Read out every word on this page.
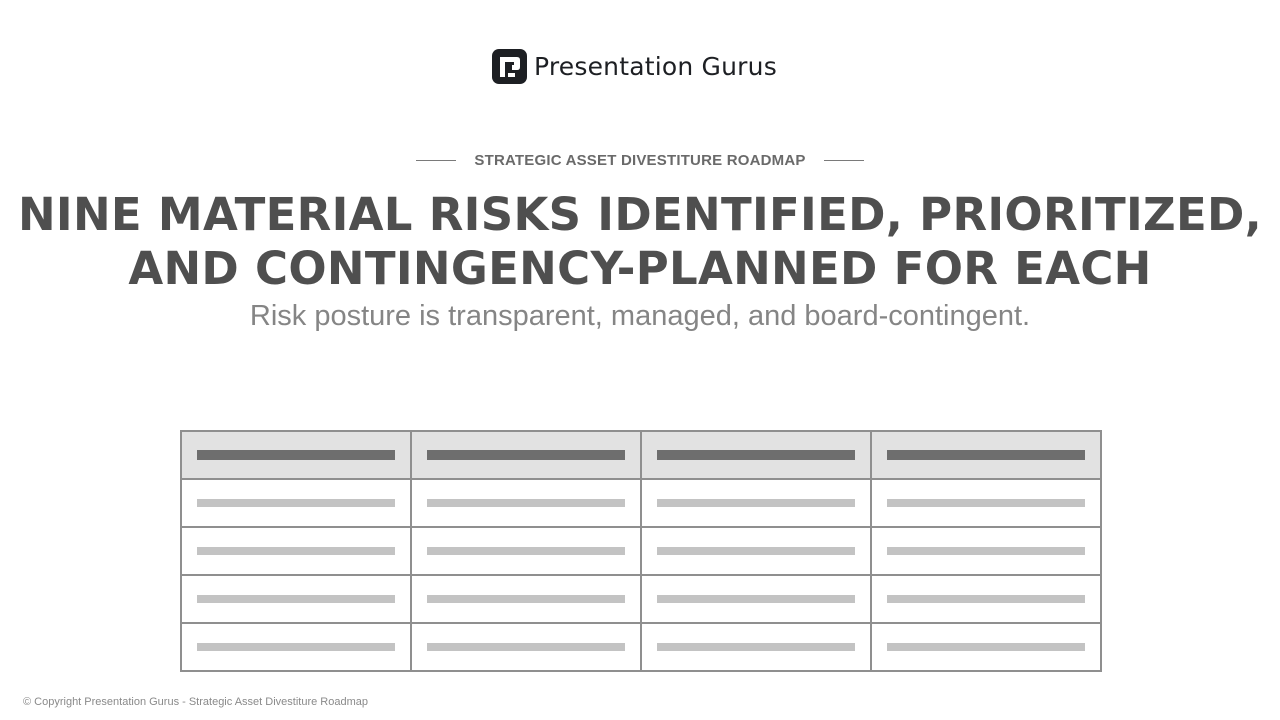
Presentation Gurus
STRATEGIC ASSET DIVESTITURE ROADMAP
NINE MATERIAL RISKS IDENTIFIED, PRIORITIZED,
AND CONTINGENCY-PLANNED FOR EACH
Risk posture is transparent, managed, and board-contingent.

© Copyright Presentation Gurus - Strategic Asset Divestiture Roadmap
